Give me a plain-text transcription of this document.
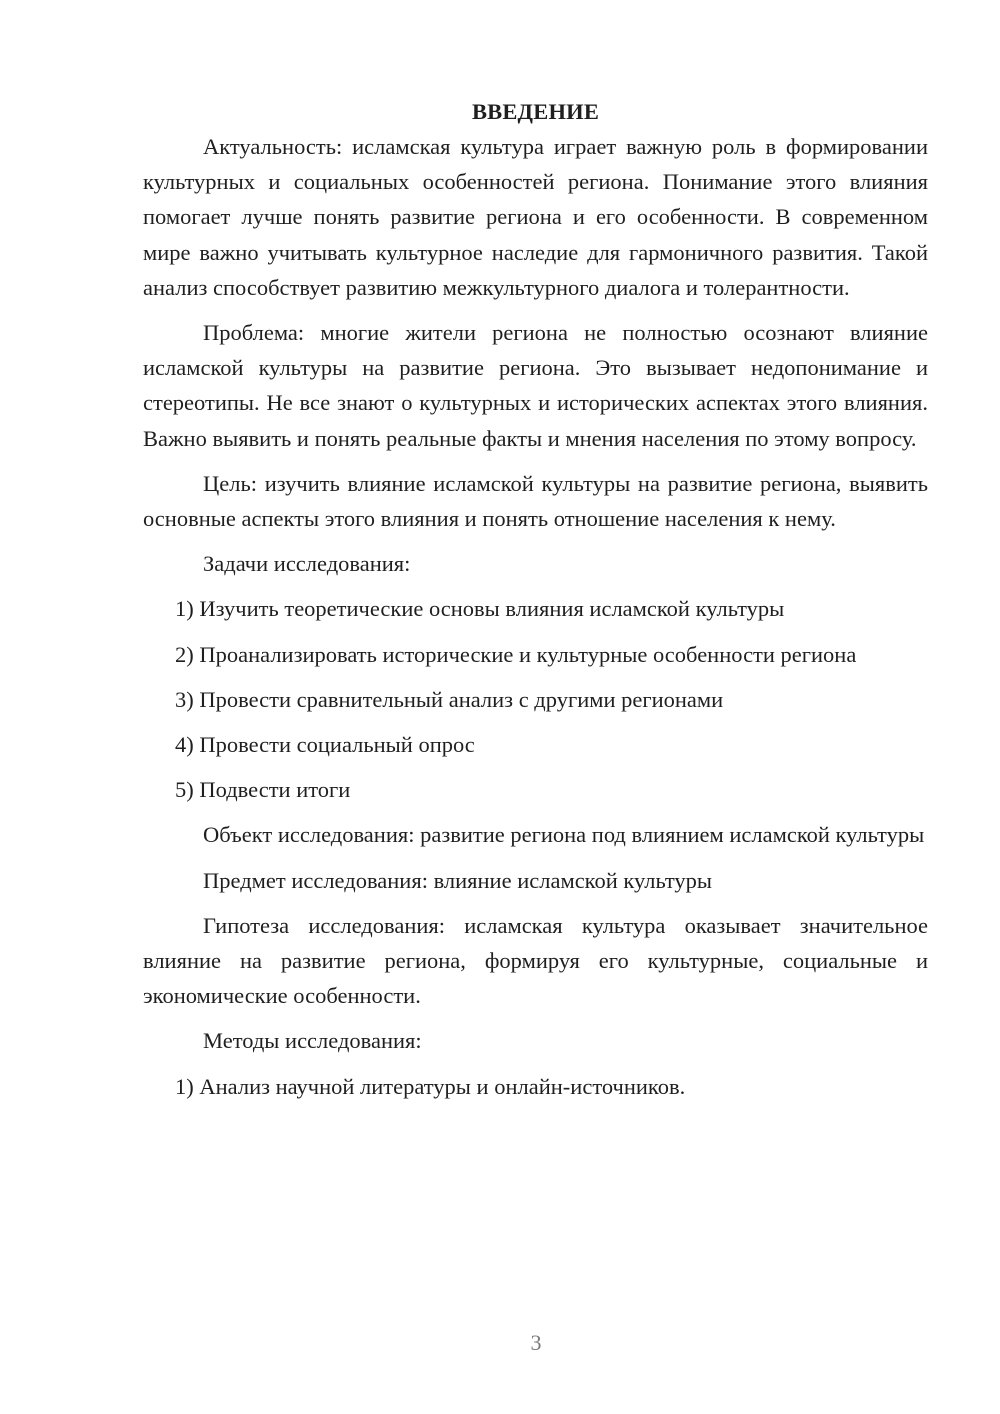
ВВЕДЕНИЕ

Актуальность: исламская культура играет важную роль в формировании культурных и социальных особенностей региона. Понимание этого влияния помогает лучше понять развитие региона и его особенности. В современном мире важно учитывать культурное наследие для гармоничного развития. Такой анализ способствует развитию межкультурного диалога и толерантности.

Проблема: многие жители региона не полностью осознают влияние исламской культуры на развитие региона. Это вызывает недопонимание и стереотипы. Не все знают о культурных и исторических аспектах этого влияния. Важно выявить и понять реальные факты и мнения населения по этому вопросу.

Цель: изучить влияние исламской культуры на развитие региона, выявить основные аспекты этого влияния и понять отношение населения к нему.

Задачи исследования:

1) Изучить теоретические основы влияния исламской культуры

2) Проанализировать исторические и культурные особенности региона

3) Провести сравнительный анализ с другими регионами

4) Провести социальный опрос

5) Подвести итоги

Объект исследования: развитие региона под влиянием исламской культуры

Предмет исследования: влияние исламской культуры

Гипотеза исследования: исламская культура оказывает значительное влияние на развитие региона, формируя его культурные, социальные и экономические особенности.

Методы исследования:

1) Анализ научной литературы и онлайн-источников.

3
